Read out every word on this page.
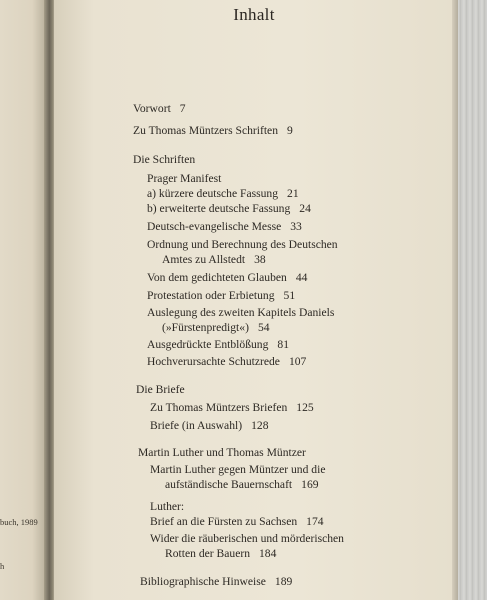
buch, 1989
h
Inhalt
Vorwort 7
Zu Thomas Müntzers Schriften 9
Die Schriften
Prager Manifest
a) kürzere deutsche Fassung 21
b) erweiterte deutsche Fassung 24
Deutsch-evangelische Messe 33
Ordnung und Berechnung des Deutschen
Amtes zu Allstedt 38
Von dem gedichteten Glauben 44
Protestation oder Erbietung 51
Auslegung des zweiten Kapitels Daniels
(»Fürstenpredigt«) 54
Ausgedrückte Entblößung 81
Hochverursachte Schutzrede 107
Die Briefe
Zu Thomas Müntzers Briefen 125
Briefe (in Auswahl) 128
Martin Luther und Thomas Müntzer
Martin Luther gegen Müntzer und die
aufständische Bauernschaft 169
Luther:
Brief an die Fürsten zu Sachsen 174
Wider die räuberischen und mörderischen
Rotten der Bauern 184
Bibliographische Hinweise 189
